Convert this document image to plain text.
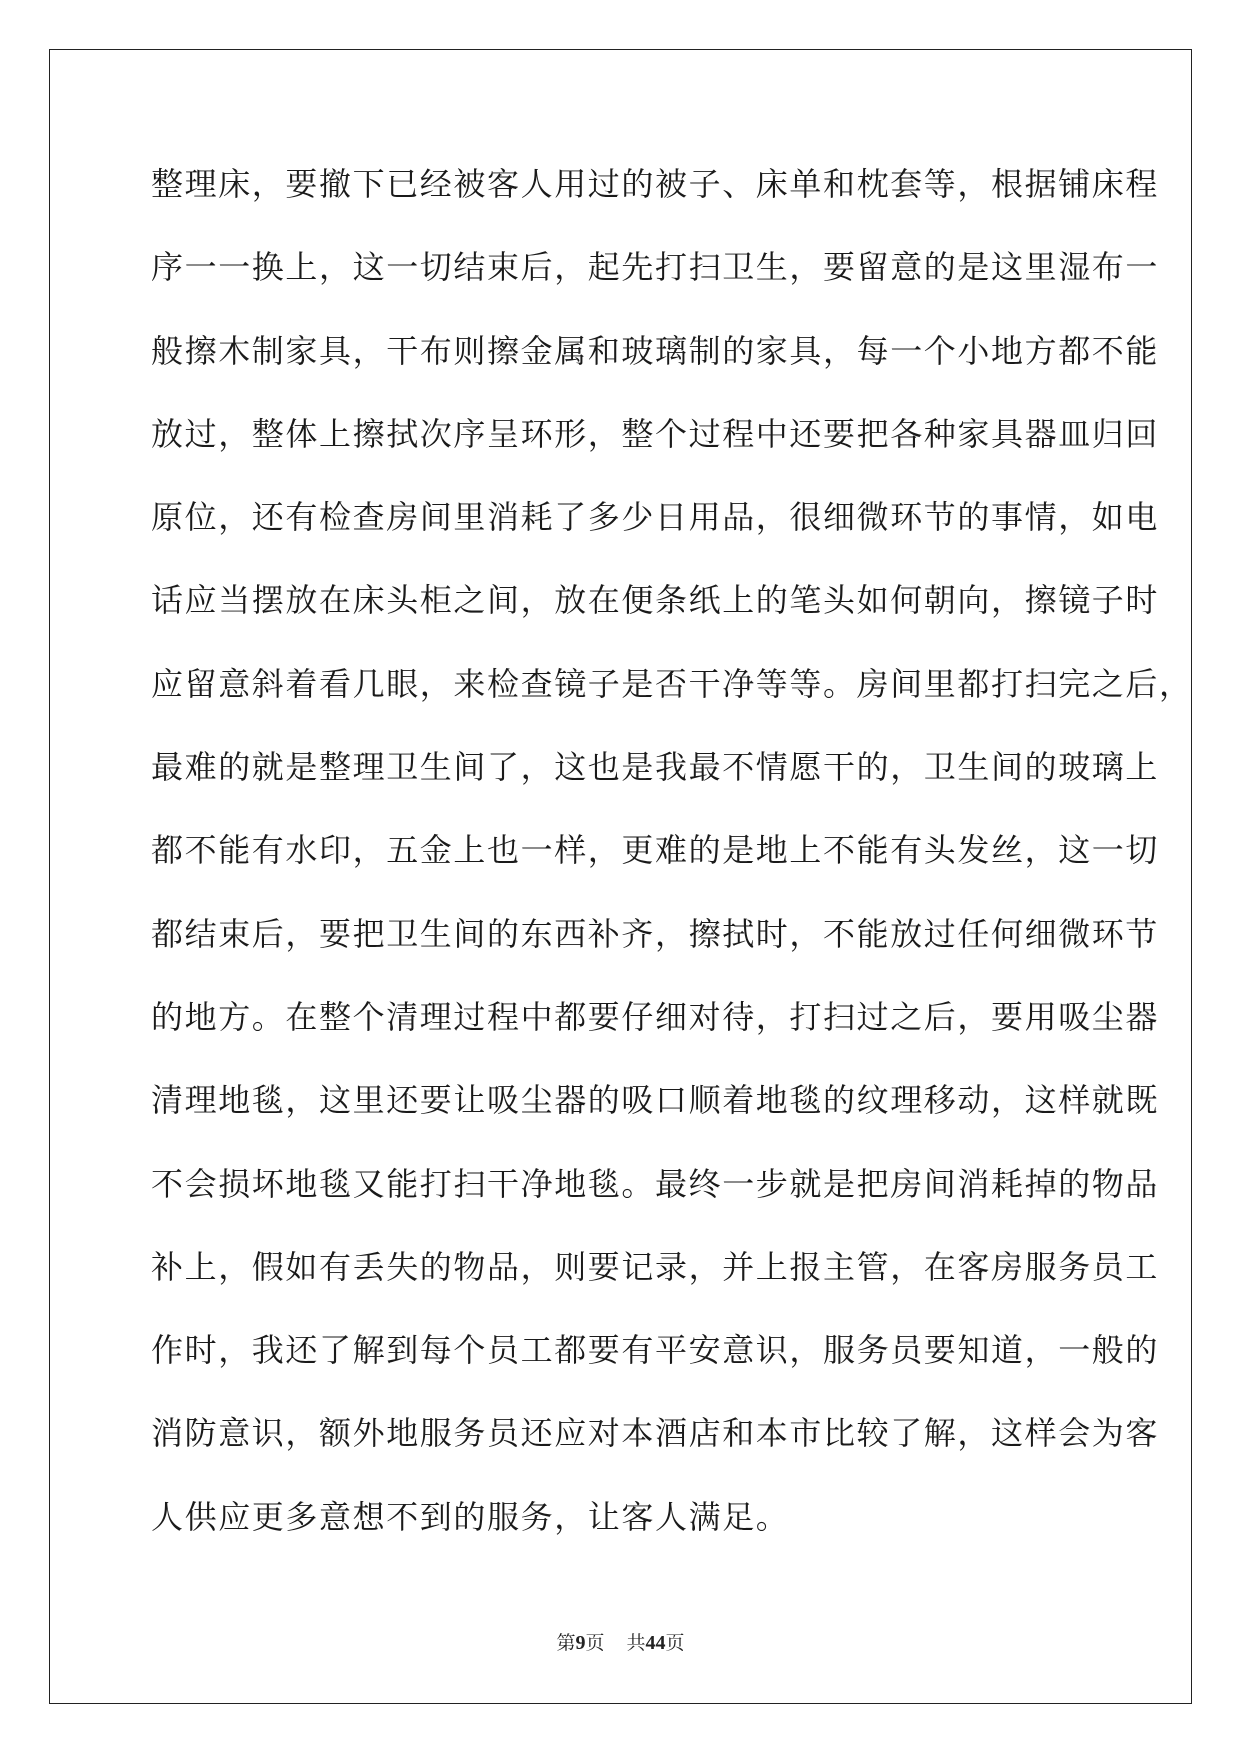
整理床，要撤下已经被客人用过的被子、床单和枕套等，根据铺床程
序一一换上，这一切结束后，起先打扫卫生，要留意的是这里湿布一
般擦木制家具，干布则擦金属和玻璃制的家具，每一个小地方都不能
放过，整体上擦拭次序呈环形，整个过程中还要把各种家具器皿归回
原位，还有检查房间里消耗了多少日用品，很细微环节的事情，如电
话应当摆放在床头柜之间，放在便条纸上的笔头如何朝向，擦镜子时
应留意斜着看几眼，来检查镜子是否干净等等。房间里都打扫完之后，
最难的就是整理卫生间了，这也是我最不情愿干的，卫生间的玻璃上
都不能有水印，五金上也一样，更难的是地上不能有头发丝，这一切
都结束后，要把卫生间的东西补齐，擦拭时，不能放过任何细微环节
的地方。在整个清理过程中都要仔细对待，打扫过之后，要用吸尘器
清理地毯，这里还要让吸尘器的吸口顺着地毯的纹理移动，这样就既
不会损坏地毯又能打扫干净地毯。最终一步就是把房间消耗掉的物品
补上，假如有丢失的物品，则要记录，并上报主管，在客房服务员工
作时，我还了解到每个员工都要有平安意识，服务员要知道，一般的
消防意识，额外地服务员还应对本酒店和本市比较了解，这样会为客
人供应更多意想不到的服务，让客人满足。
第9页 共44页
